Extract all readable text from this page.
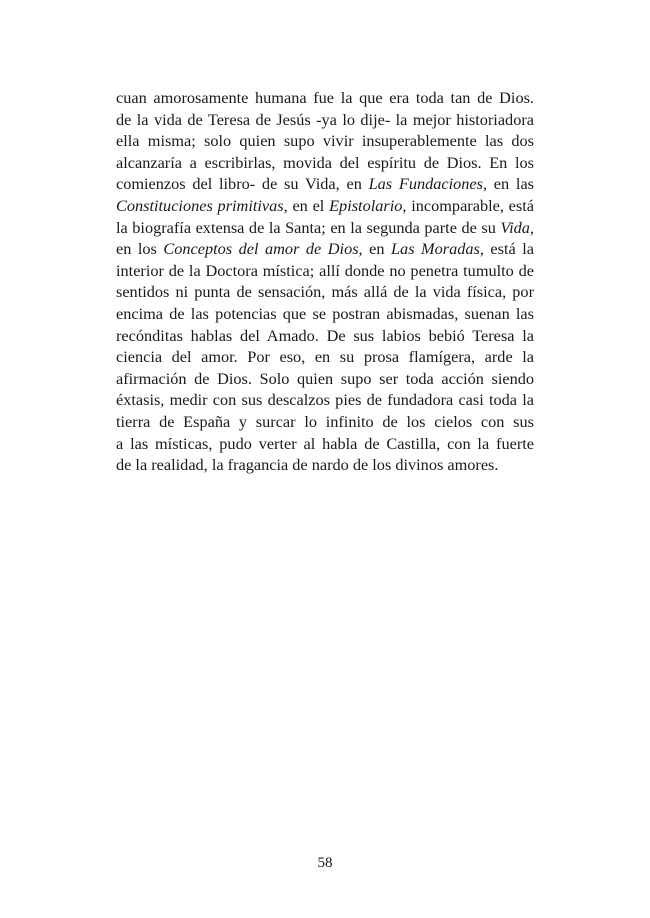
cuan amorosamente humana fue la que era toda tan de Dios.
de la vida de Teresa de Jesús -ya lo dije- la mejor historiadora
ella misma; solo quien supo vivir insuperablemente las dos
alcanzaría a escribirlas, movida del espíritu de Dios. En los
comienzos del libro- de su Vida, en Las Fundaciones, en las
Constituciones primitivas, en el Epistolario, incomparable, está
la biografía extensa de la Santa; en la segunda parte de su Vida,
en los Conceptos del amor de Dios, en Las Moradas, está la
interior de la Doctora mística; allí donde no penetra tumulto de
sentidos ni punta de sensación, más allá de la vida física, por
encima de las potencias que se postran abismadas, suenan las
recónditas hablas del Amado. De sus labios bebió Teresa la
ciencia del amor. Por eso, en su prosa flamígera, arde la
afirmación de Dios. Solo quien supo ser toda acción siendo
éxtasis, medir con sus descalzos pies de fundadora casi toda la
tierra de España y surcar lo infinito de los cielos con sus
a las místicas, pudo verter al habla de Castilla, con la fuerte
de la realidad, la fragancia de nardo de los divinos amores.
58
